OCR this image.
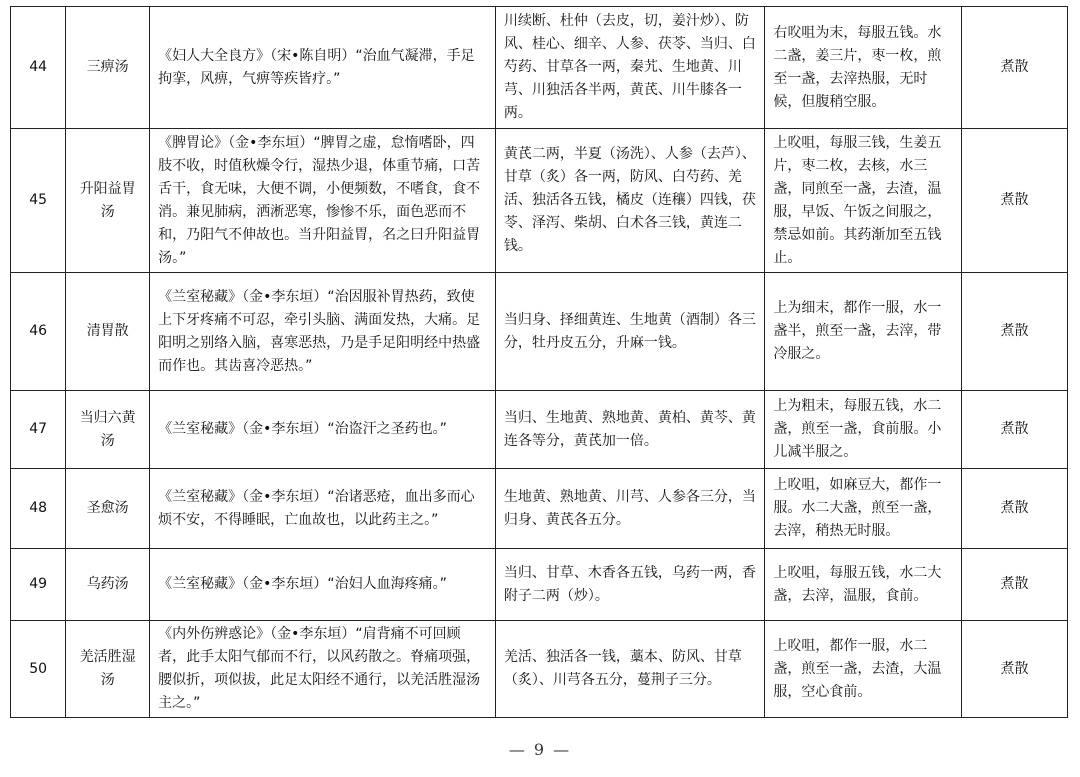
44	三痹汤	《妇人大全良方》（宋•陈自明）“治血气凝滞，手足拘挛，风痹，气痹等疾皆疗。”	川续断、杜仲（去皮，切，姜汁炒）、防风、桂心、细辛、人参、茯苓、当归、白芍药、甘草各一两，秦艽、生地黄、川芎、川独活各半两，黄芪、川牛膝各一两。	右㕮咀为末，每服五钱。水二盏，姜三片，枣一枚，煎至一盏，去滓热服，无时候，但腹稍空服。	煮散
45	升阳益胃汤	《脾胃论》（金•李东垣）“脾胃之虚，怠惰嗜卧，四肢不收，时值秋燥令行，湿热少退，体重节痛，口苦舌干，食无味，大便不调，小便频数，不嗜食，食不消。兼见肺病，洒淅恶寒，惨惨不乐，面色恶而不和，乃阳气不伸故也。当升阳益胃，名之曰升阳益胃汤。”	黄芪二两，半夏（汤洗）、人参（去芦）、甘草（炙）各一两，防风、白芍药、羌活、独活各五钱，橘皮（连穰）四钱，茯苓、泽泻、柴胡、白术各三钱，黄连二钱。	上㕮咀，每服三钱，生姜五片，枣二枚，去核，水三盏，同煎至一盏，去渣，温服，早饭、午饭之间服之，禁忌如前。其药渐加至五钱止。	煮散
46	清胃散	《兰室秘藏》（金•李东垣）“治因服补胃热药，致使上下牙疼痛不可忍，牵引头脑、满面发热，大痛。足阳明之别络入脑，喜寒恶热，乃是手足阳明经中热盛而作也。其齿喜冷恶热。”	当归身、择细黄连、生地黄（酒制）各三分，牡丹皮五分，升麻一钱。	上为细末，都作一服，水一盏半，煎至一盏，去滓，带冷服之。	煮散
47	当归六黄汤	《兰室秘藏》（金•李东垣）“治盗汗之圣药也。”	当归、生地黄、熟地黄、黄柏、黄芩、黄连各等分，黄芪加一倍。	上为粗末，每服五钱，水二盏，煎至一盏，食前服。小儿减半服之。	煮散
48	圣愈汤	《兰室秘藏》（金•李东垣）“治诸恶疮，血出多而心烦不安，不得睡眠，亡血故也，以此药主之。”	生地黄、熟地黄、川芎、人参各三分，当归身、黄芪各五分。	上㕮咀，如麻豆大，都作一服。水二大盏，煎至一盏，去滓，稍热无时服。	煮散
49	乌药汤	《兰室秘藏》（金•李东垣）“治妇人血海疼痛。”	当归、甘草、木香各五钱，乌药一两，香附子二两（炒）。	上㕮咀，每服五钱，水二大盏，去滓，温服，食前。	煮散
50	羌活胜湿汤	《内外伤辨惑论》（金•李东垣）“肩背痛不可回顾者，此手太阳气郁而不行，以风药散之。脊痛项强，腰似折，项似拔，此足太阳经不通行，以羌活胜湿汤主之。”	羌活、独活各一钱，藁本、防风、甘草（炙）、川芎各五分，蔓荆子三分。	上㕮咀，都作一服，水二盏，煎至一盏，去渣，大温服，空心食前。	煮散
— 9 —
